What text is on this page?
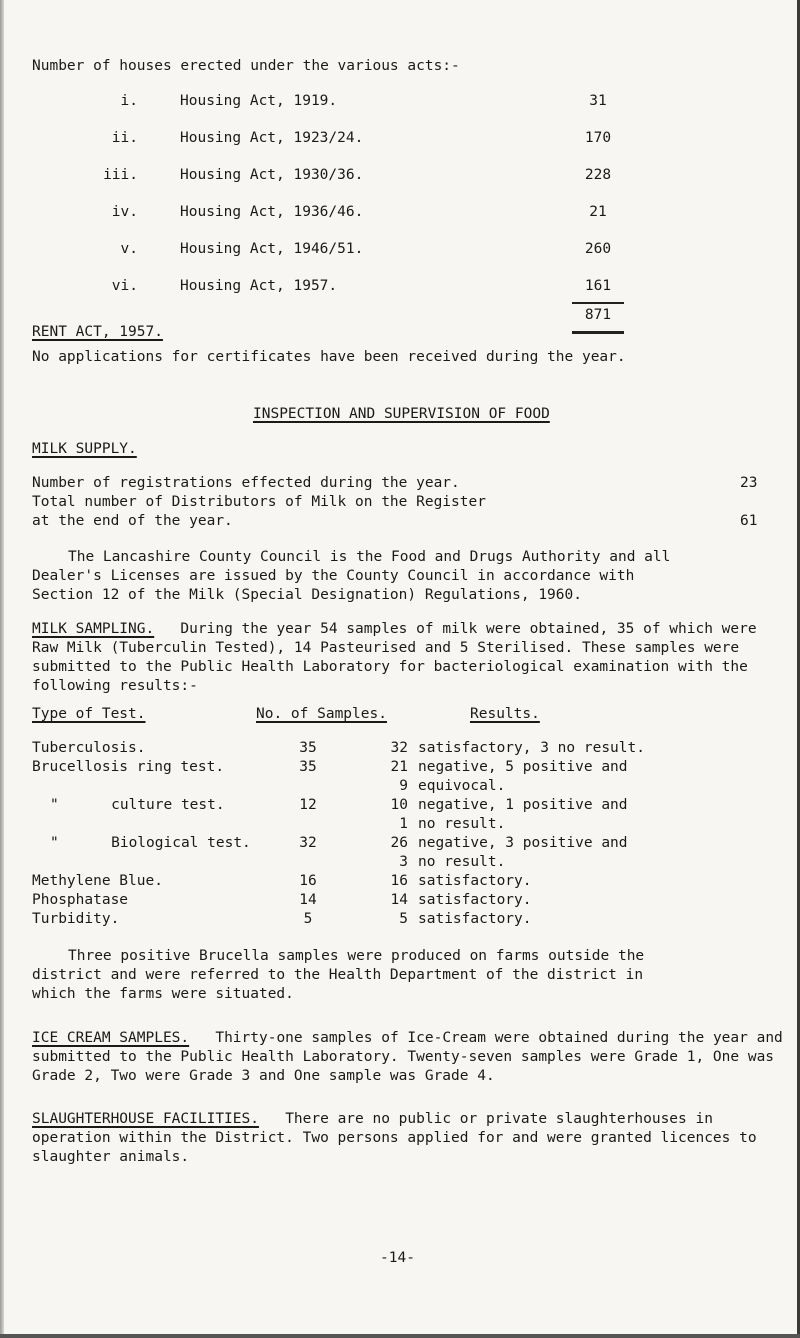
Number of houses erected under the various acts:-
i.	Housing Act, 1919.	31
ii.	Housing Act, 1923/24.	170
iii.	Housing Act, 1930/36.	228
iv.	Housing Act, 1936/46.	21
v.	Housing Act, 1946/51.	260
vi.	Housing Act, 1957.	161
871
RENT ACT, 1957.
No applications for certificates have been received during the year.
INSPECTION AND SUPERVISION OF FOOD
MILK SUPPLY.
Number of registrations effected during the year.	23
Total number of Distributors of Milk on the Register
at the end of the year.	61

The Lancashire County Council is the Food and Drugs Authority and all Dealer's Licenses are issued by the County Council in accordance with Section 12 of the Milk (Special Designation) Regulations, 1960.

MILK SAMPLING. During the year 54 samples of milk were obtained, 35 of which were Raw Milk (Tuberculin Tested), 14 Pasteurised and 5 Sterilised. These samples were submitted to the Public Health Laboratory for bacteriological examination with the following results:-

Type of Test.	No. of Samples.	Results.
Tuberculosis.	35	32 satisfactory, 3 no result.
Brucellosis ring test.	35	21 negative, 5 positive and
9 equivocal.
"      culture test.	12	10 negative, 1 positive and
1 no result.
"      Biological test.	32	26 negative, 3 positive and
3 no result.
Methylene Blue.	16	16 satisfactory.
Phosphatase	14	14 satisfactory.
Turbidity.	5	5 satisfactory.

Three positive Brucella samples were produced on farms outside the district and were referred to the Health Department of the district in which the farms were situated.

ICE CREAM SAMPLES. Thirty-one samples of Ice-Cream were obtained during the year and submitted to the Public Health Laboratory. Twenty-seven samples were Grade 1, One was Grade 2, Two were Grade 3 and One sample was Grade 4.

SLAUGHTERHOUSE FACILITIES. There are no public or private slaughterhouses in operation within the District. Two persons applied for and were granted licences to slaughter animals.

-14-
